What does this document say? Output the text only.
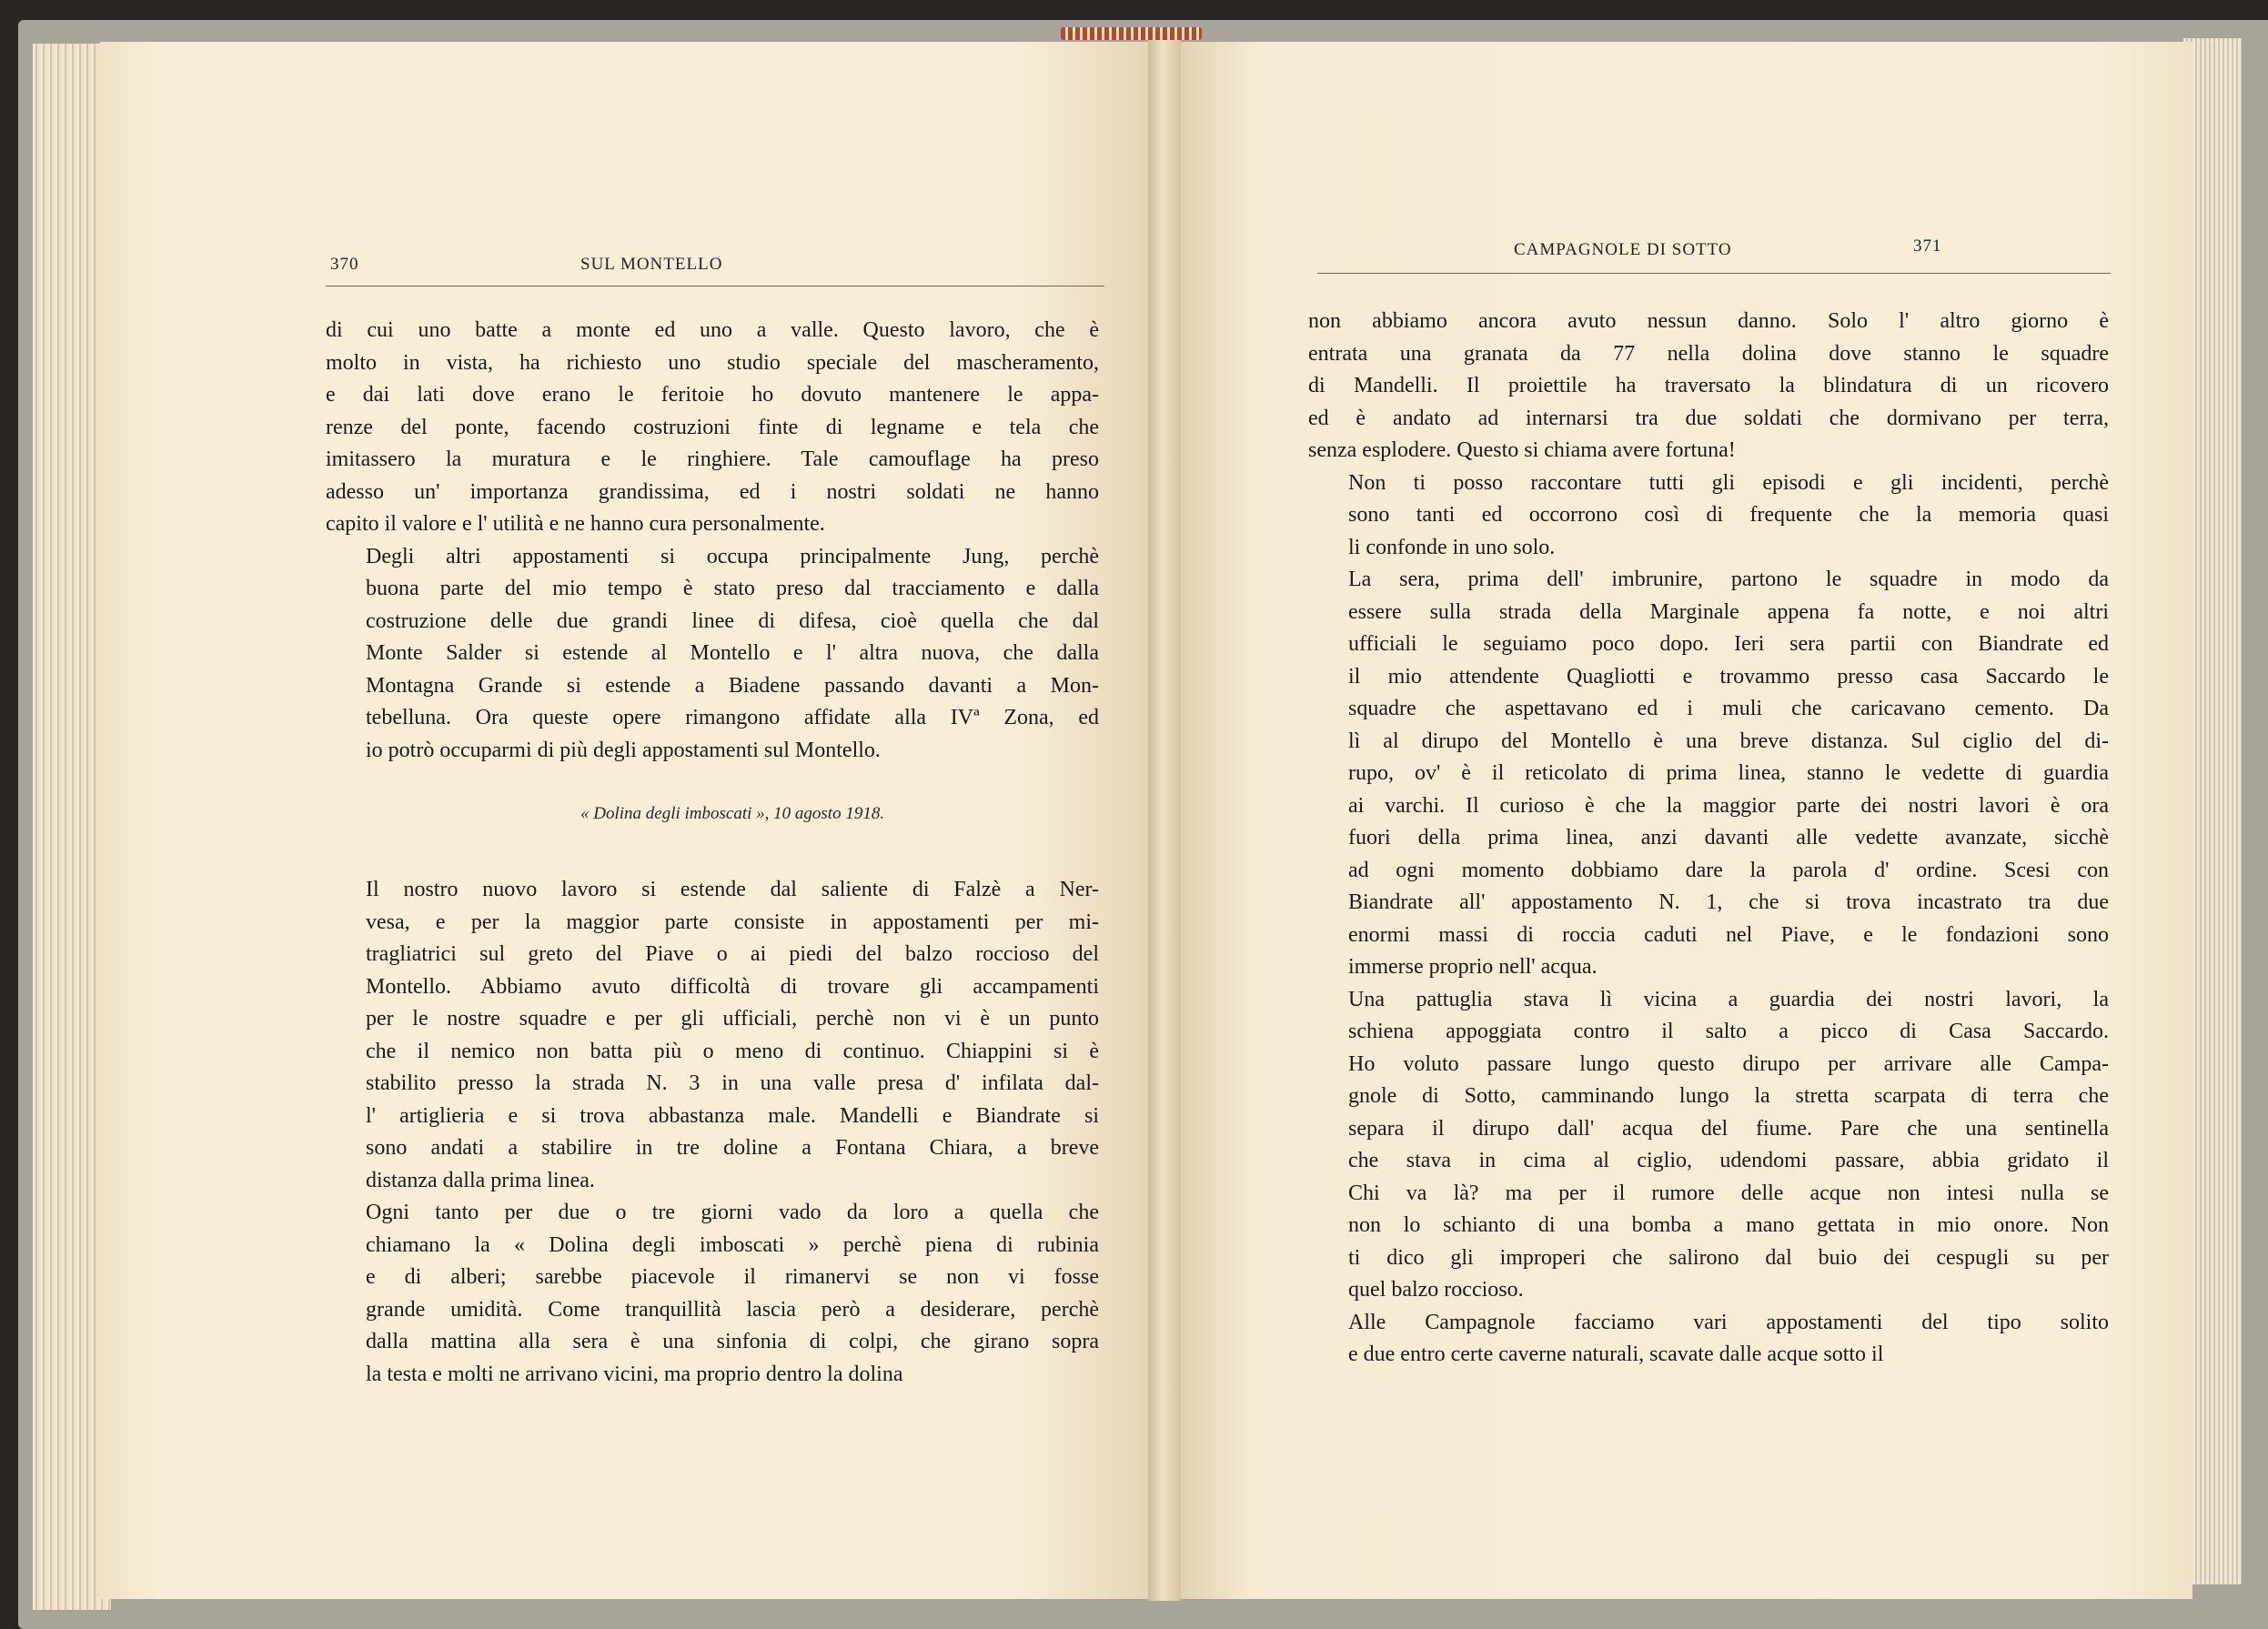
370	SUL MONTELLO

di cui uno batte a monte ed uno a valle. Questo lavoro, che è
molto in vista, ha richiesto uno studio speciale del mascheramento,
e dai lati dove erano le feritoie ho dovuto mantenere le appa-
renze del ponte, facendo costruzioni finte di legname e tela che
imitassero la muratura e le ringhiere. Tale camouflage ha preso
adesso un' importanza grandissima, ed i nostri soldati ne hanno
capito il valore e l' utilità e ne hanno cura personalmente.

Degli altri appostamenti si occupa principalmente Jung, perchè
buona parte del mio tempo è stato preso dal tracciamento e dalla
costruzione delle due grandi linee di difesa, cioè quella che dal
Monte Salder si estende al Montello e l' altra nuova, che dalla
Montagna Grande si estende a Biadene passando davanti a Mon-
tebelluna. Ora queste opere rimangono affidate alla IVª Zona, ed
io potrò occuparmi di più degli appostamenti sul Montello.

« Dolina degli imboscati », 10 agosto 1918.

Il nostro nuovo lavoro si estende dal saliente di Falzè a Ner-
vesa, e per la maggior parte consiste in appostamenti per mi-
tragliatrici sul greto del Piave o ai piedi del balzo roccioso del
Montello. Abbiamo avuto difficoltà di trovare gli accampamenti
per le nostre squadre e per gli ufficiali, perchè non vi è un punto
che il nemico non batta più o meno di continuo. Chiappini si è
stabilito presso la strada N. 3 in una valle presa d' infilata dal-
l' artiglieria e si trova abbastanza male. Mandelli e Biandrate si
sono andati a stabilire in tre doline a Fontana Chiara, a breve
distanza dalla prima linea.

Ogni tanto per due o tre giorni vado da loro a quella che
chiamano la « Dolina degli imboscati » perchè piena di rubinia
e di alberi; sarebbe piacevole il rimanervi se non vi fosse
grande umidità. Come tranquillità lascia però a desiderare, perchè
dalla mattina alla sera è una sinfonia di colpi, che girano sopra
la testa e molti ne arrivano vicini, ma proprio dentro la dolina

CAMPAGNOLE DI SOTTO	371

non abbiamo ancora avuto nessun danno. Solo l' altro giorno è
entrata una granata da 77 nella dolina dove stanno le squadre
di Mandelli. Il proiettile ha traversato la blindatura di un ricovero
ed è andato ad internarsi tra due soldati che dormivano per terra,
senza esplodere. Questo si chiama avere fortuna!

Non ti posso raccontare tutti gli episodi e gli incidenti, perchè
sono tanti ed occorrono così di frequente che la memoria quasi
li confonde in uno solo.

La sera, prima dell' imbrunire, partono le squadre in modo da
essere sulla strada della Marginale appena fa notte, e noi altri
ufficiali le seguiamo poco dopo. Ieri sera partii con Biandrate ed
il mio attendente Quagliotti e trovammo presso casa Saccardo le
squadre che aspettavano ed i muli che caricavano cemento. Da
lì al dirupo del Montello è una breve distanza. Sul ciglio del di-
rupo, ov' è il reticolato di prima linea, stanno le vedette di guardia
ai varchi. Il curioso è che la maggior parte dei nostri lavori è ora
fuori della prima linea, anzi davanti alle vedette avanzate, sicchè
ad ogni momento dobbiamo dare la parola d' ordine. Scesi con
Biandrate all' appostamento N. 1, che si trova incastrato tra due
enormi massi di roccia caduti nel Piave, e le fondazioni sono
immerse proprio nell' acqua.

Una pattuglia stava lì vicina a guardia dei nostri lavori, la
schiena appoggiata contro il salto a picco di Casa Saccardo.
Ho voluto passare lungo questo dirupo per arrivare alle Campa-
gnole di Sotto, camminando lungo la stretta scarpata di terra che
separa il dirupo dall' acqua del fiume. Pare che una sentinella
che stava in cima al ciglio, udendomi passare, abbia gridato il
Chi va là? ma per il rumore delle acque non intesi nulla se
non lo schianto di una bomba a mano gettata in mio onore. Non
ti dico gli improperi che salirono dal buio dei cespugli su per
quel balzo roccioso.

Alle Campagnole facciamo vari appostamenti del tipo solito
e due entro certe caverne naturali, scavate dalle acque sotto il
